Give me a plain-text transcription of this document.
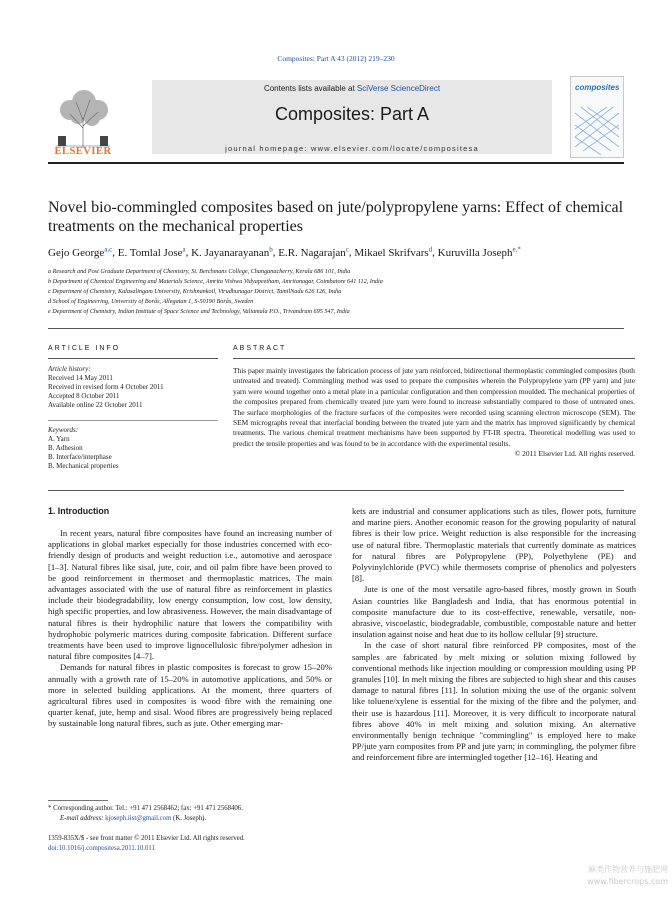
Composites: Part A 43 (2012) 219–230
ELSEVIER
Contents lists available at SciVerse ScienceDirect
Composites: Part A
journal homepage: www.elsevier.com/locate/compositesa
composites
Novel bio-commingled composites based on jute/polypropylene yarns: Effect of chemical treatments on the mechanical properties
Gejo George$^{a,c}$, E. Tomlal Jose$^a$, K. Jayanarayanan$^b$, E.R. Nagarajan$^c$, Mikael Skrifvars$^d$, Kuruvilla Joseph$^{e,*}$
a Research and Post Graduate Department of Chemistry, St. Berchmans College, Changanacherry, Kerala 686 101, India
b Department of Chemical Engineering and Materials Science, Amrita Vishwa Vidyapeetham, Amritanagar, Coimbatore 641 112, India
c Department of Chemistry, Kalasalingam University, Krishnankoil, Virudhunagar District, TamilNadu 626 126, India
d School of Engineering, University of Borås, Allegatan 1, S-50190 Borås, Sweden
e Department of Chemistry, Indian Institute of Space Science and Technology, Valiamala P.O., Trivandrum 695 547, India
ARTICLE INFO
Article history:
Received 14 May 2011
Received in revised form 4 October 2011
Accepted 8 October 2011
Available online 22 October 2011
Keywords:
A. Yarn
B. Adhesion
B. Interface/interphase
B. Mechanical properties
ABSTRACT
This paper mainly investigates the fabrication process of jute yarn reinforced, bidirectional thermoplastic commingled composites (both untreated and treated). Commingling method was used to prepare the composites wherein the Polypropylene yarn (PP yarn) and jute yarn were wound together onto a metal plate in a particular configuration and then compression moulded. The mechanical properties of the composites prepared from chemically treated jute yarn were found to increase substantially compared to those of untreated ones. The surface morphologies of the fracture surfaces of the composites were recorded using scanning electron microscope (SEM). The SEM micrographs reveal that interfacial bonding between the treated jute yarn and the matrix has improved significantly by chemical treatments. The various chemical treatment mechanisms have been supported by FT-IR spectra. Theoretical modelling was used to predict the tensile properties and was found to be in accordance with the experimental results.
© 2011 Elsevier Ltd. All rights reserved.
1. Introduction

In recent years, natural fibre composites have found an increasing number of applications in global market especially for those industries concerned with eco-friendly design of products and weight reduction i.e., automotive and aerospace [1–3]. Natural fibres like sisal, jute, coir, and oil palm fibre have been proved to be good reinforcement in thermoset and thermoplastic matrices. The main advantages associated with the use of natural fibre as reinforcement in plastics include their biodegradability, low energy consumption, low cost, low density, high specific properties, and low abrasiveness. However, the main disadvantage of natural fibres is their hydrophilic nature that lowers the compatibility with hydrophobic polymeric matrices during composite fabrication. Different surface treatments have been used to improve lignocellulosic fibre/polymer adhesion in natural fibre composites [4–7].

Demands for natural fibres in plastic composites is forecast to grow 15–20% annually with a growth rate of 15–20% in automotive applications, and 50% or more in selected building applications. At the moment, three quarters of agricultural fibres used in composites is wood fibre with the remaining one quarter kenaf, jute, hemp and sisal. Wood fibres are progressively being replaced by sustainable long natural fibres, such as jute. Other emerging mar-

kets are industrial and consumer applications such as tiles, flower pots, furniture and marine piers. Another economic reason for the growing popularity of natural fibres is their low price. Weight reduction is also responsible for the increasing use of natural fibre. Thermoplastic materials that currently dominate as matrices for natural fibres are Polypropylene (PP), Polyethylene (PE) and Polyvinylchloride (PVC) while thermosets comprise of phenolics and polyesters [8].

Jute is one of the most versatile agro-based fibres, mostly grown in South Asian countries like Bangladesh and India, that has enormous potential in composite manufacture due to its cost-effective, renewable, versatile, non-abrasive, viscoelastic, biodegradable, combustible, compostable nature and better insulation against noise and heat due to its hollow cellular [9] structure.

In the case of short natural fibre reinforced PP composites, most of the samples are fabricated by melt mixing or solution mixing followed by conventional methods like injection moulding or compression moulding using PP granules [10]. In melt mixing the fibres are subjected to high shear and this causes damage to natural fibres [11]. In solution mixing the use of the organic solvent like toluene/xylene is essential for the mixing of the fibre and the polymer, and their use is hazardous [11]. Moreover, it is very difficult to incorporate natural fibres above 40% in melt mixing and solution mixing. An alternative environmentally benign technique "commingling" is employed here to make PP/jute yarn composites from PP and jute yarn; in commingling, the polymer fibre and reinforcement fibre are intermingled together [12–16]. Heating and

* Corresponding author. Tel.: +91 471 2568462; fax: +91 471 2568406.
E-mail address: kjoseph.iist@gmail.com (K. Joseph).
1359-835X/$ - see front matter © 2011 Elsevier Ltd. All rights reserved.
doi:10.1016/j.compositesa.2011.10.011
麻类作物营养与施肥网
www.fibercrops.com
